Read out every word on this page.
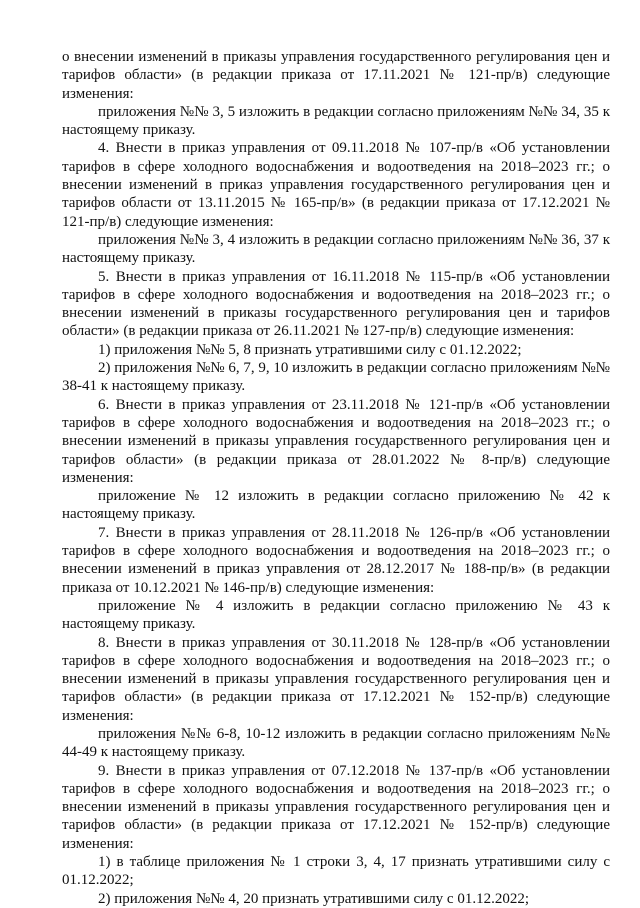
о внесении изменений в приказы управления государственного регулирования цен и тарифов области» (в редакции приказа от 17.11.2021 № 121-пр/в) следующие изменения:

приложения №№ 3, 5 изложить в редакции согласно приложениям №№ 34, 35 к настоящему приказу.

4. Внести в приказ управления от 09.11.2018 № 107-пр/в «Об установлении тарифов в сфере холодного водоснабжения и водоотведения на 2018–2023 гг.; о внесении изменений в приказ управления государственного регулирования цен и тарифов области от 13.11.2015 № 165-пр/в» (в редакции приказа от 17.12.2021 № 121-пр/в) следующие изменения:

приложения №№ 3, 4 изложить в редакции согласно приложениям №№ 36, 37 к настоящему приказу.

5. Внести в приказ управления от 16.11.2018 № 115-пр/в «Об установлении тарифов в сфере холодного водоснабжения и водоотведения на 2018–2023 гг.; о внесении изменений в приказы государственного регулирования цен и тарифов области» (в редакции приказа от 26.11.2021 № 127-пр/в) следующие изменения:

1) приложения №№ 5, 8 признать утратившими силу с 01.12.2022;

2) приложения №№ 6, 7, 9, 10 изложить в редакции согласно приложениям №№ 38-41 к настоящему приказу.

6. Внести в приказ управления от 23.11.2018 № 121-пр/в «Об установлении тарифов в сфере холодного водоснабжения и водоотведения на 2018–2023 гг.; о внесении изменений в приказы управления государственного регулирования цен и тарифов области» (в редакции приказа от 28.01.2022 № 8-пр/в) следующие изменения:

приложение № 12 изложить в редакции согласно приложению № 42 к настоящему приказу.

7. Внести в приказ управления от 28.11.2018 № 126-пр/в «Об установлении тарифов в сфере холодного водоснабжения и водоотведения на 2018–2023 гг.; о внесении изменений в приказ управления от 28.12.2017 № 188-пр/в» (в редакции приказа от 10.12.2021 № 146-пр/в) следующие изменения:

приложение № 4 изложить в редакции согласно приложению № 43 к настоящему приказу.

8. Внести в приказ управления от 30.11.2018 № 128-пр/в «Об установлении тарифов в сфере холодного водоснабжения и водоотведения на 2018–2023 гг.; о внесении изменений в приказы управления государственного регулирования цен и тарифов области» (в редакции приказа от 17.12.2021 № 152-пр/в) следующие изменения:

приложения №№ 6-8, 10-12 изложить в редакции согласно приложениям №№ 44-49 к настоящему приказу.

9. Внести в приказ управления от 07.12.2018 № 137-пр/в «Об установлении тарифов в сфере холодного водоснабжения и водоотведения на 2018–2023 гг.; о внесении изменений в приказы управления государственного регулирования цен и тарифов области» (в редакции приказа от 17.12.2021 № 152-пр/в) следующие изменения:

1) в таблице приложения № 1 строки 3, 4, 17 признать утратившими силу с 01.12.2022;

2) приложения №№ 4, 20 признать утратившими силу с 01.12.2022;
